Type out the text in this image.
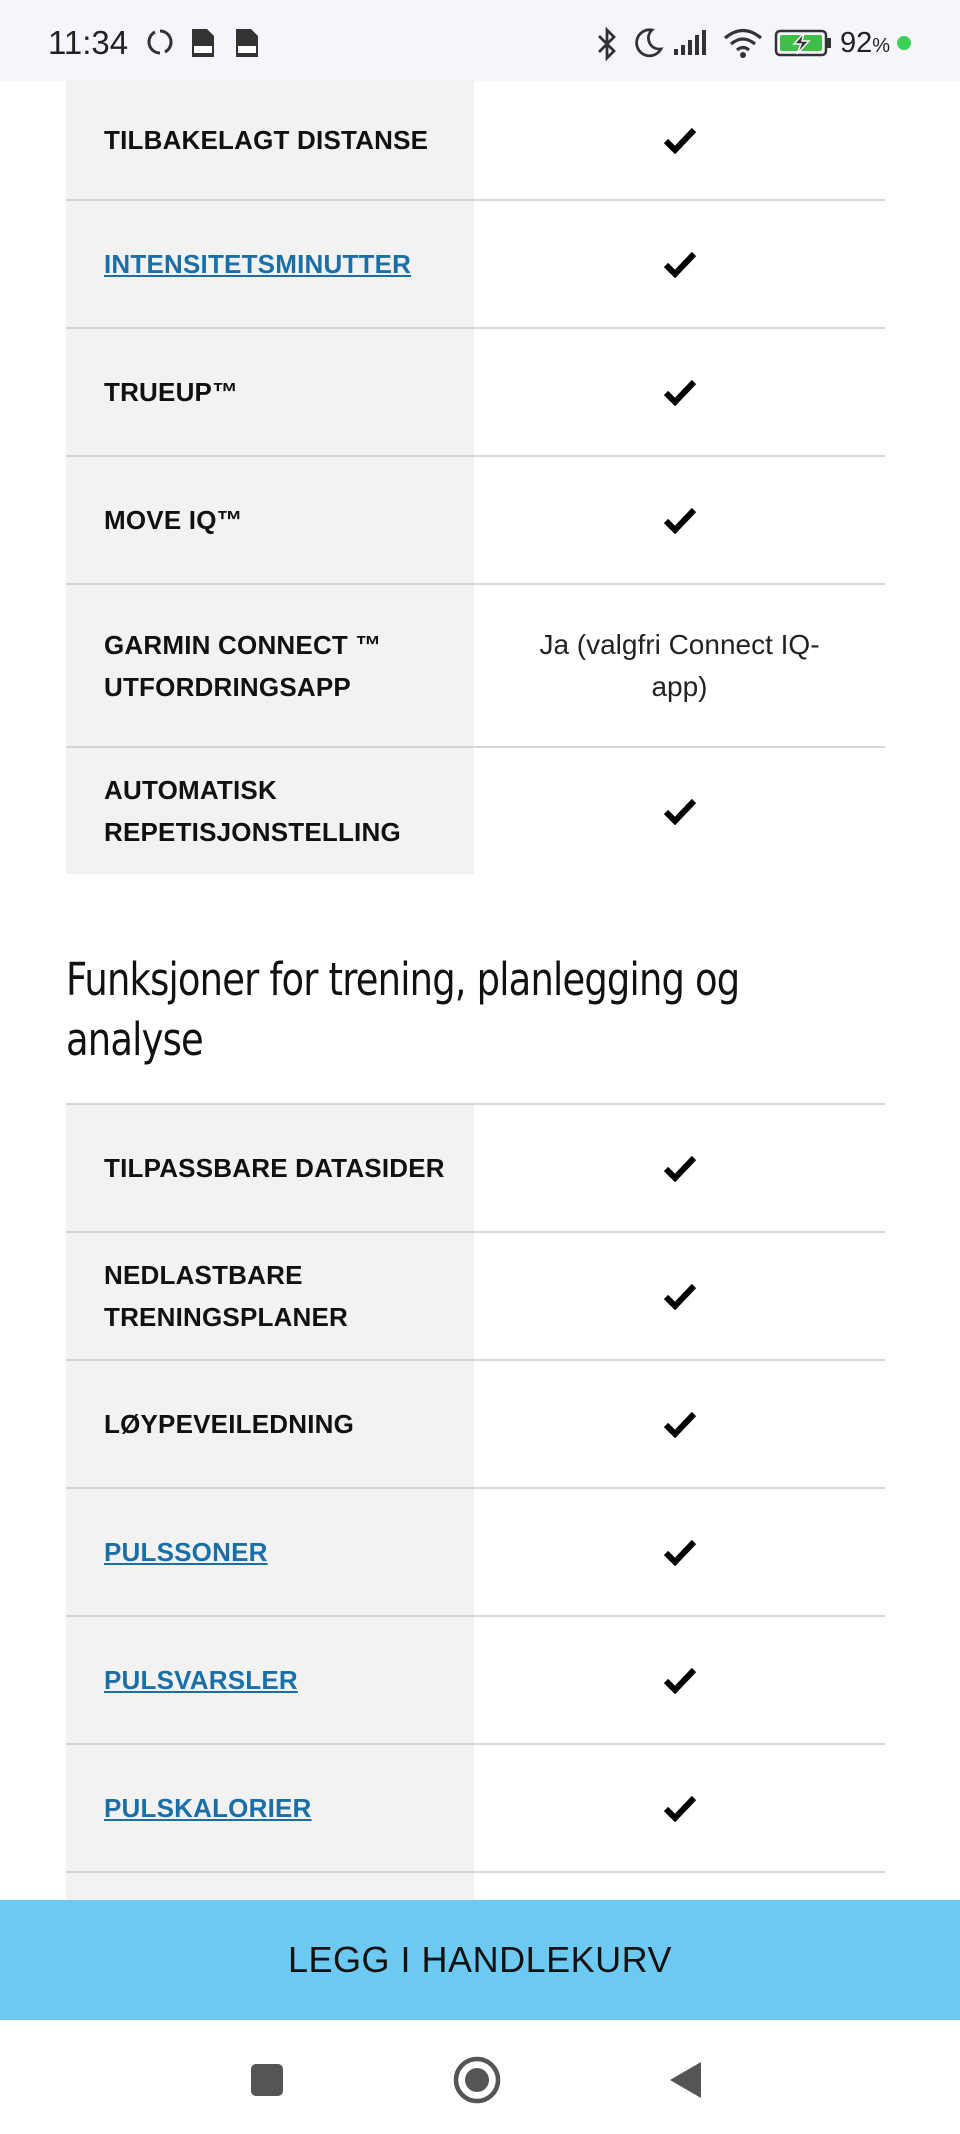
11:34	92%
TILBAKELAGT DISTANSE
INTENSITETSMINUTTER
TRUEUP™
MOVE IQ™
GARMIN CONNECT ™ UTFORDRINGSAPP
Ja (valgfri Connect IQ-app)
AUTOMATISK REPETISJONSTELLING
Funksjoner for trening, planlegging og analyse
TILPASSBARE DATASIDER
NEDLASTBARE TRENINGSPLANER
LØYPEVEILEDNING
PULSSONER
PULSVARSLER
PULSKALORIER
LEGG I HANDLEKURV
